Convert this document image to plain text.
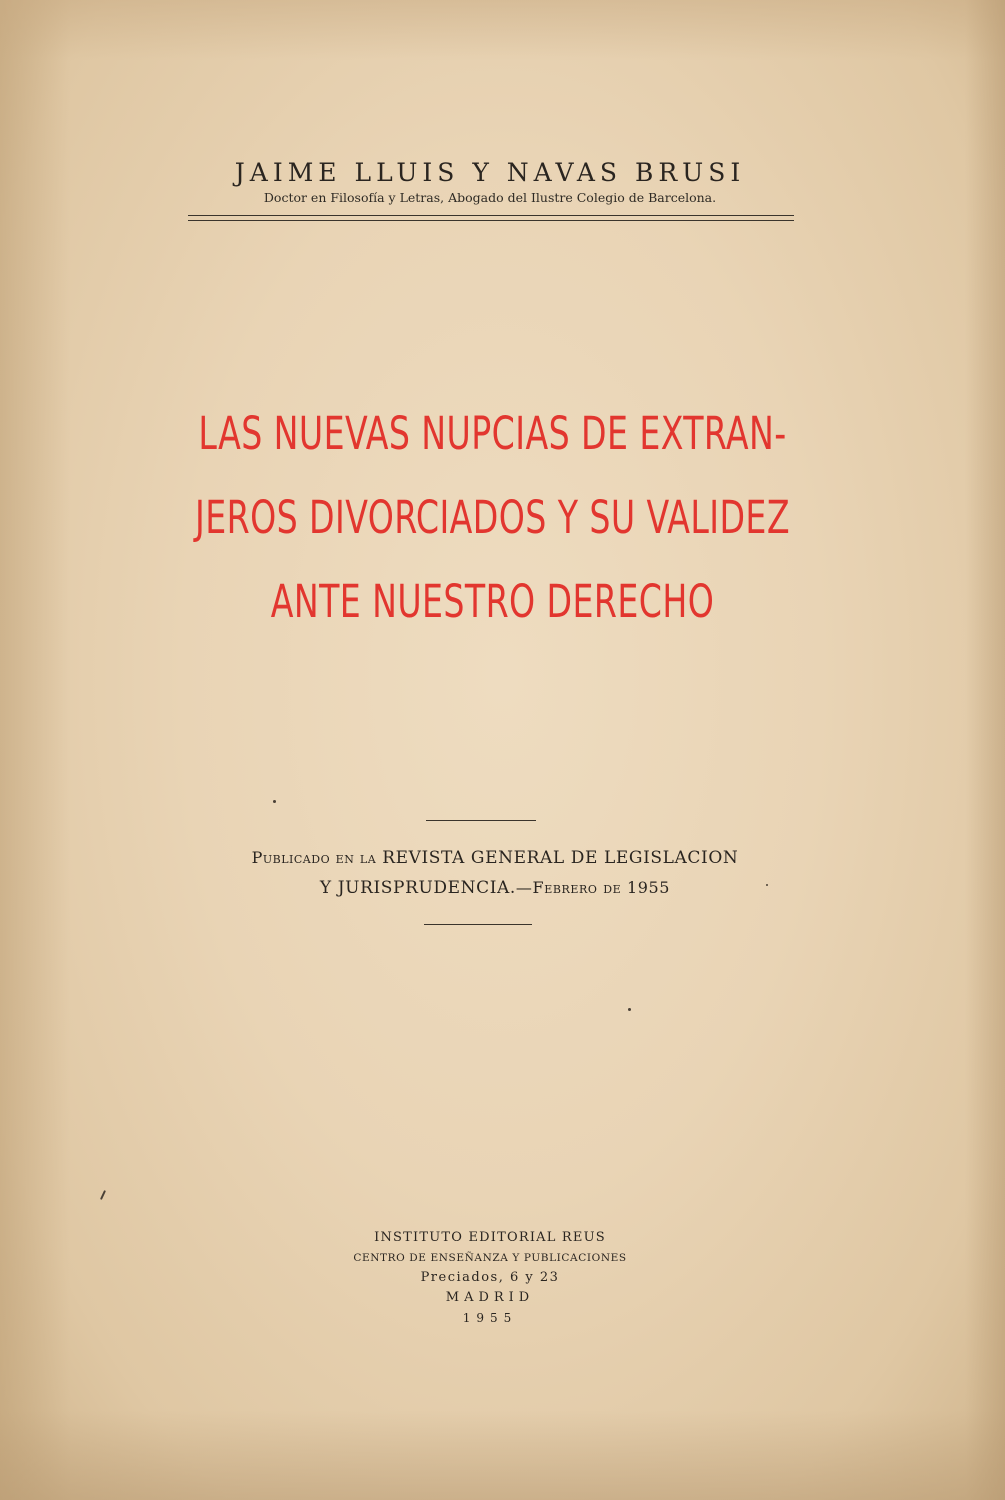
JAIME LLUIS Y NAVAS BRUSI
Doctor en Filosofía y Letras, Abogado del Ilustre Colegio de Barcelona.
LAS NUEVAS NUPCIAS DE EXTRAN-
JEROS DIVORCIADOS Y SU VALIDEZ
ANTE NUESTRO DERECHO
Publicado en la REVISTA GENERAL DE LEGISLACION
Y JURISPRUDENCIA.—Febrero de 1955
INSTITUTO EDITORIAL REUS
CENTRO DE ENSEÑANZA Y PUBLICACIONES
Preciados, 6 y 23
MADRID
1955
